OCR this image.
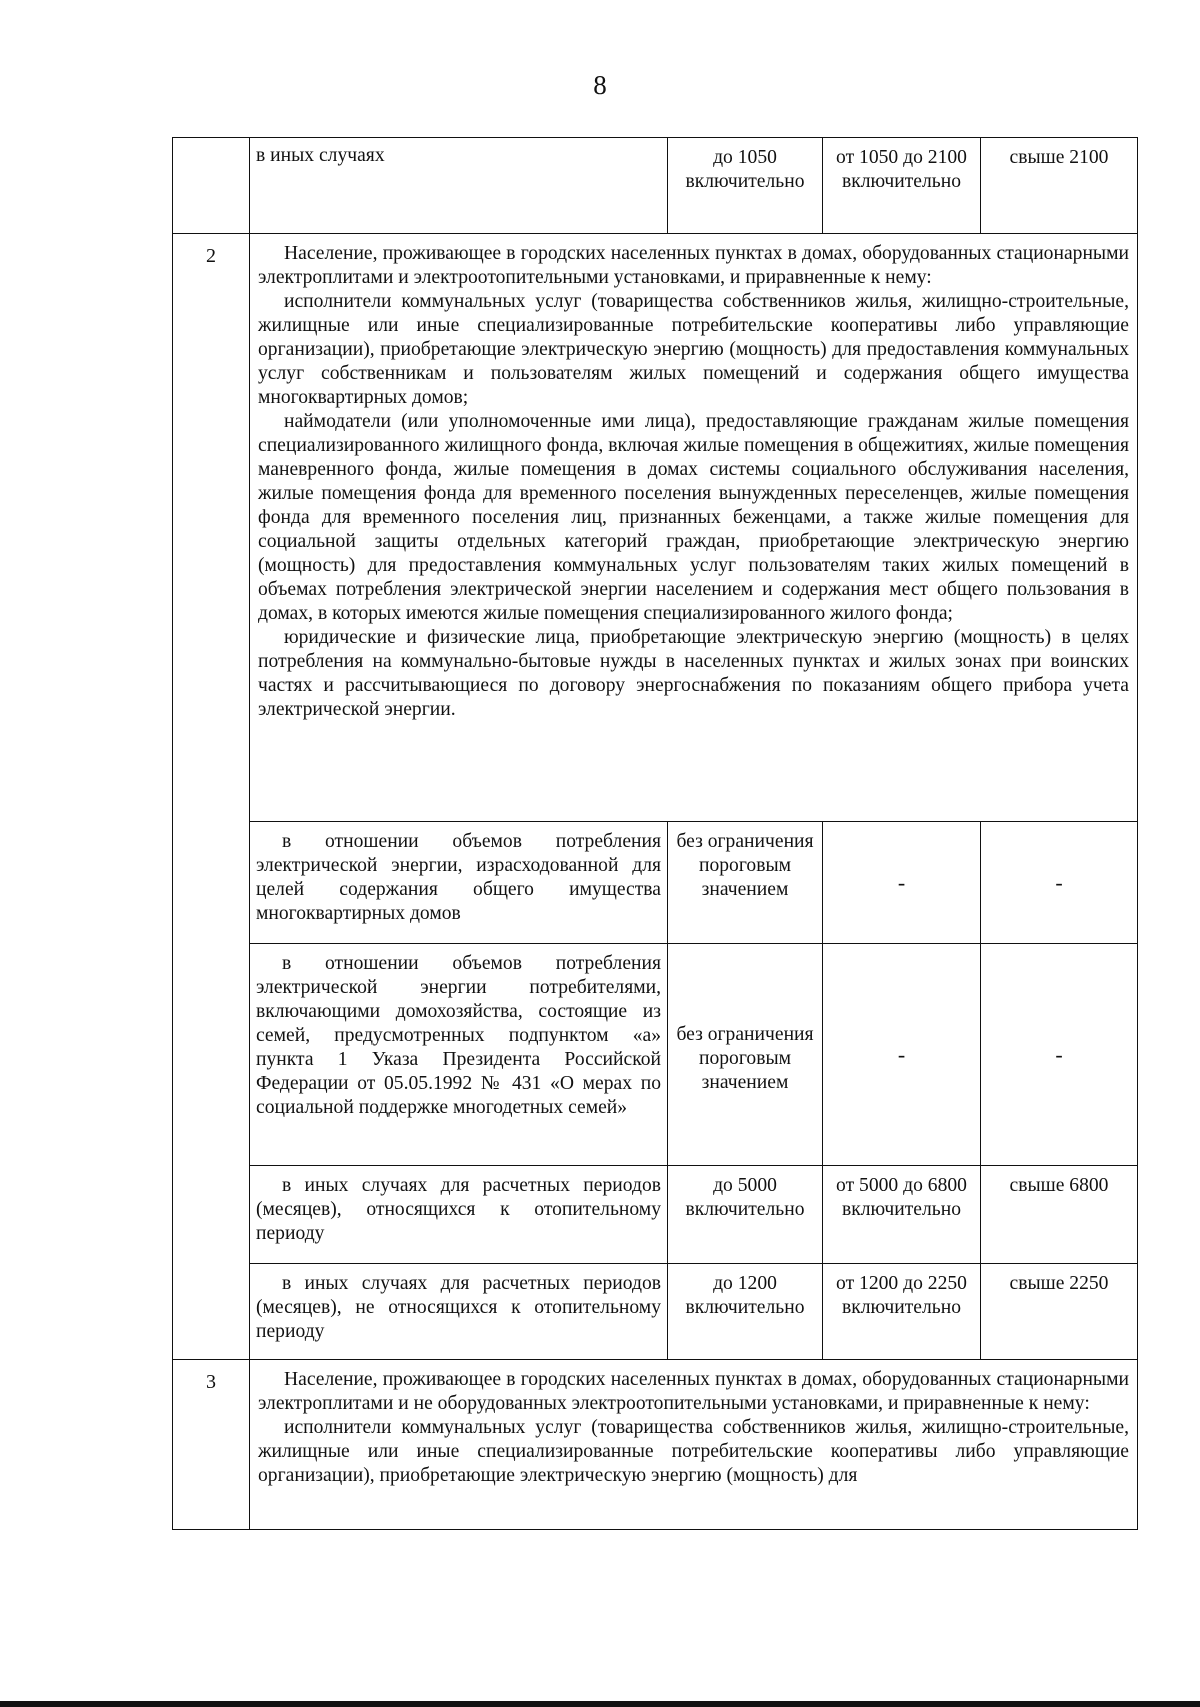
8

	в иных случаях	до 1050 включительно	от 1050 до 2100 включительно	свыше 2100
2	Население, проживающее в городских населенных пунктах в домах, оборудованных стационарными электроплитами и электроотопительными установками, и приравненные к нему:

исполнители коммунальных услуг (товарищества собственников жилья, жилищно-строительные, жилищные или иные специализированные потребительские кооперативы либо управляющие организации), приобретающие электрическую энергию (мощность) для предоставления коммунальных услуг собственникам и пользователям жилых помещений и содержания общего имущества многоквартирных домов;

наймодатели (или уполномоченные ими лица), предоставляющие гражданам жилые помещения специализированного жилищного фонда, включая жилые помещения в общежитиях, жилые помещения маневренного фонда, жилые помещения в домах системы социального обслуживания населения, жилые помещения фонда для временного поселения вынужденных переселенцев, жилые помещения фонда для временного поселения лиц, признанных беженцами, а также жилые помещения для социальной защиты отдельных категорий граждан, приобретающие электрическую энергию (мощность) для предоставления коммунальных услуг пользователям таких жилых помещений в объемах потребления электрической энергии населением и содержания мест общего пользования в домах, в которых имеются жилые помещения специализированного жилого фонда;

юридические и физические лица, приобретающие электрическую энергию (мощность) в целях потребления на коммунально-бытовые нужды в населенных пунктах и жилых зонах при воинских частях и рассчитывающиеся по договору энергоснабжения по показаниям общего прибора учета электрической энергии.			

	в отношении объемов потребления электрической энергии, израсходованной для целей содержания общего имущества многоквартирных домов	без ограничения пороговым значением	-	-

	в отношении объемов потребления электрической энергии потребителями, включающими домохозяйства, состоящие из семей, предусмотренных подпунктом «а» пункта 1 Указа Президента Российской Федерации от 05.05.1992 № 431 «О мерах по социальной поддержке многодетных семей»	без ограничения пороговым значением	-	-

	в иных случаях для расчетных периодов (месяцев), относящихся к отопительному периоду	до 5000 включительно	от 5000 до 6800 включительно	свыше 6800

	в иных случаях для расчетных периодов (месяцев), не относящихся к отопительному периоду	до 1200 включительно	от 1200 до 2250 включительно	свыше 2250
3	Население, проживающее в городских населенных пунктах в домах, оборудованных стационарными электроплитами и не оборудованных электроотопительными установками, и приравненные к нему:

исполнители коммунальных услуг (товарищества собственников жилья, жилищно-строительные, жилищные или иные специализированные потребительские кооперативы либо управляющие организации), приобретающие электрическую энергию (мощность) для			
